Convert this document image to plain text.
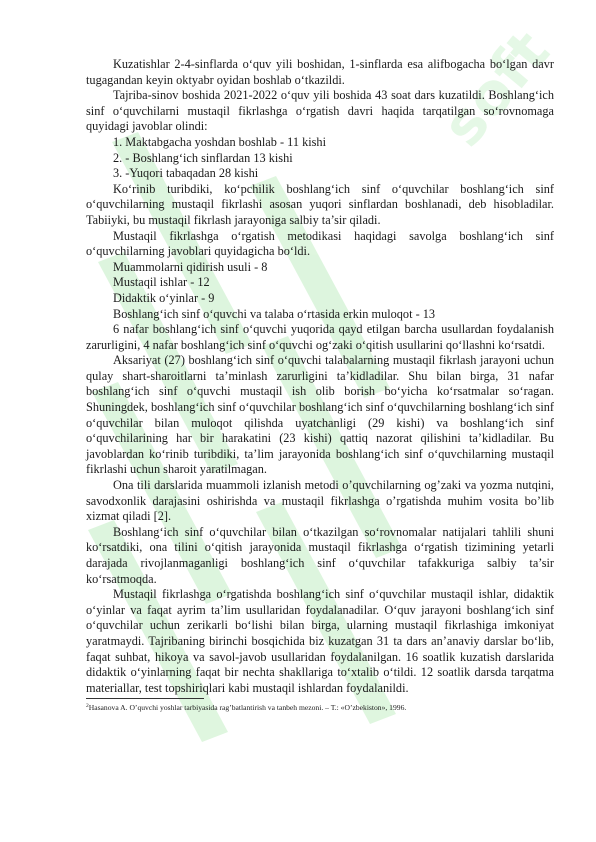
soft

Kuzatishlar 2-4-sinflarda o‘quv yili boshidan, 1-sinflarda esa alifbogacha bo‘lgan davr tugagandan keyin oktyabr oyidan boshlab o‘tkazildi.

Tajriba-sinov boshida 2021-2022 o‘quv yili boshida 43 soat dars kuzatildi. Boshlang‘ich sinf o‘quvchilarni mustaqil fikrlashga o‘rgatish davri haqida tarqatilgan so‘rovnomaga quyidagi javoblar olindi:

1. Maktabgacha yoshdan boshlab - 11 kishi

2. - Boshlang‘ich sinflardan 13 kishi

3. -Yuqori tabaqadan 28 kishi

Ko‘rinib turibdiki, ko‘pchilik boshlang‘ich sinf o‘quvchilar boshlang‘ich sinf o‘quvchilarning mustaqil fikrlashi asosan yuqori sinflardan boshlanadi, deb hisobladilar. Tabiiyki, bu mustaqil fikrlash jarayoniga salbiy ta’sir qiladi.

Mustaqil fikrlashga o‘rgatish metodikasi haqidagi savolga boshlang‘ich sinf o‘quvchilarning javoblari quyidagicha bo‘ldi.

Muammolarni qidirish usuli - 8

Mustaqil ishlar - 12

Didaktik o‘yinlar - 9

Boshlang‘ich sinf o‘quvchi va talaba o‘rtasida erkin muloqot - 13

6 nafar boshlang‘ich sinf o‘quvchi yuqorida qayd etilgan barcha usullardan foydalanish zarurligini, 4 nafar boshlang‘ich sinf o‘quvchi og‘zaki o‘qitish usullarini qo‘llashni ko‘rsatdi.

Aksariyat (27) boshlang‘ich sinf o‘quvchi talabalarning mustaqil fikrlash jarayoni uchun qulay shart-sharoitlarni ta’minlash zarurligini ta’kidladilar. Shu bilan birga, 31 nafar boshlang‘ich sinf o‘quvchi mustaqil ish olib borish bo‘yicha ko‘rsatmalar so‘ragan. Shuningdek, boshlang‘ich sinf o‘quvchilar boshlang‘ich sinf o‘quvchilarning boshlang‘ich sinf o‘quvchilar bilan muloqot qilishda uyatchanligi (29 kishi) va boshlang‘ich sinf o‘quvchilarining har bir harakatini (23 kishi) qattiq nazorat qilishini ta’kidladilar. Bu javoblardan ko‘rinib turibdiki, ta’lim jarayonida boshlang‘ich sinf o‘quvchilarning mustaqil fikrlashi uchun sharoit yaratilmagan.

Ona tili darslarida muammoli izlanish metodi o’quvchilarning og’zaki va yozma nutqini, savodxonlik darajasini oshirishda va mustaqil fikrlashga o’rgatishda muhim vosita bo’lib xizmat qiladi [2].

Boshlang‘ich sinf o‘quvchilar bilan o‘tkazilgan so‘rovnomalar natijalari tahlili shuni ko‘rsatdiki, ona tilini o‘qitish jarayonida mustaqil fikrlashga o‘rgatish tizimining yetarli darajada rivojlanmaganligi boshlang‘ich sinf o‘quvchilar tafakkuriga salbiy ta’sir ko‘rsatmoqda.

Mustaqil fikrlashga o‘rgatishda boshlang‘ich sinf o‘quvchilar mustaqil ishlar, didaktik o‘yinlar va faqat ayrim ta’lim usullaridan foydalanadilar. O‘quv jarayoni boshlang‘ich sinf o‘quvchilar uchun zerikarli bo‘lishi bilan birga, ularning mustaqil fikrlashiga imkoniyat yaratmaydi. Tajribaning birinchi bosqichida biz kuzatgan 31 ta dars an’anaviy darslar bo‘lib, faqat suhbat, hikoya va savol-javob usullaridan foydalanilgan. 16 soatlik kuzatish darslarida didaktik o‘yinlarning faqat bir nechta shakllariga to‘xtalib o‘tildi. 12 soatlik darsda tarqatma materiallar, test topshiriqlari kabi mustaqil ishlardan foydalanildi.

$^2$Hasanova A. O’quvchi yoshlar tarbiyasida rag’batlantirish va tanbeh mezoni. – T.: «O’zbekiston», 1996.
